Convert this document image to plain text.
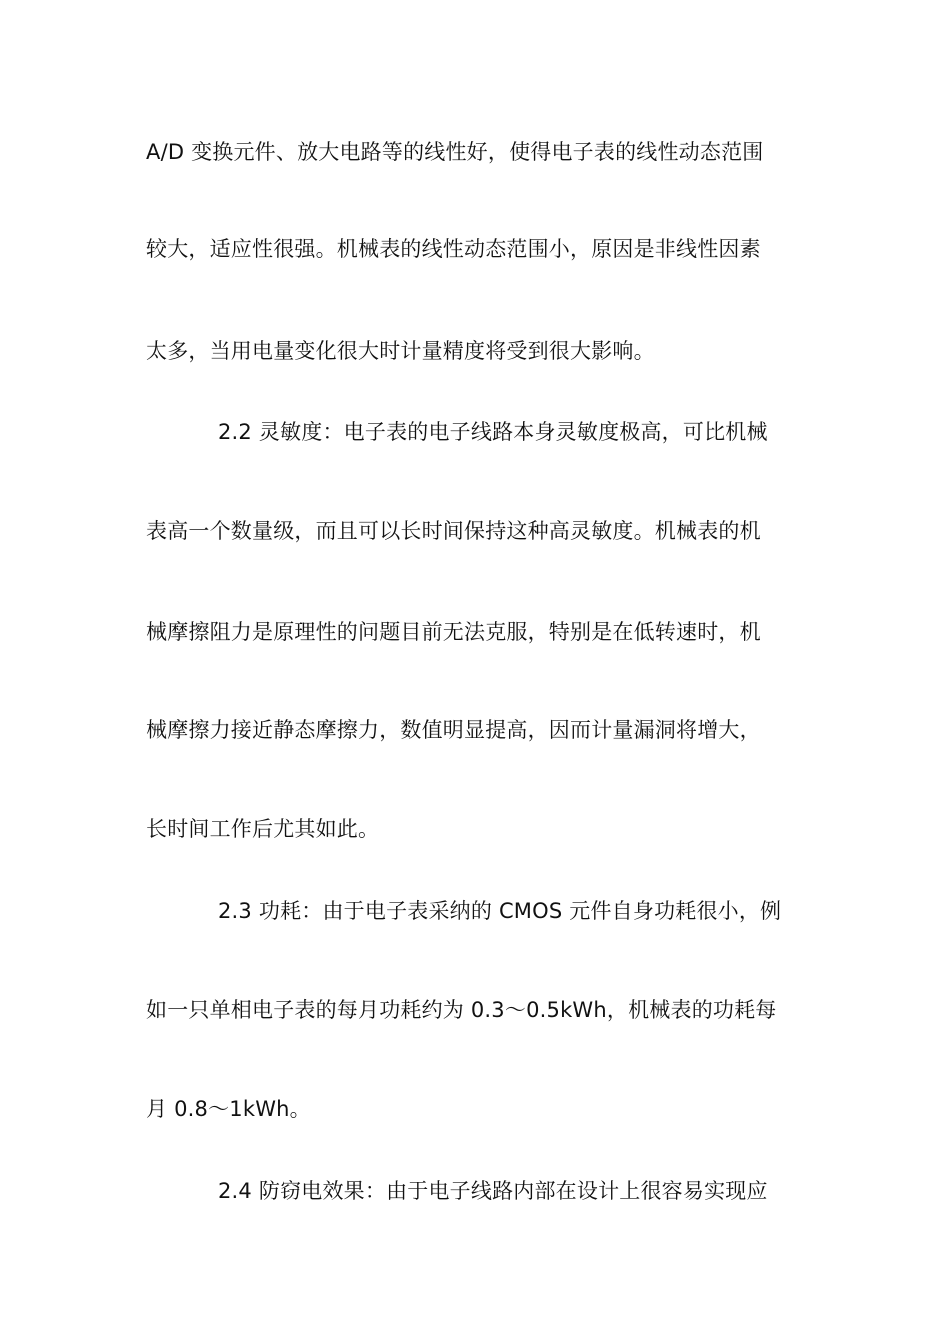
A/D 变换元件、放大电路等的线性好，使得电子表的线性动态范围
较大，适应性很强。机械表的线性动态范围小，原因是非线性因素
太多，当用电量变化很大时计量精度将受到很大影响。
2.2 灵敏度：电子表的电子线路本身灵敏度极高，可比机械
表高一个数量级，而且可以长时间保持这种高灵敏度。机械表的机
械摩擦阻力是原理性的问题目前无法克服，特别是在低转速时，机
械摩擦力接近静态摩擦力，数值明显提高，因而计量漏洞将增大，
长时间工作后尤其如此。
2.3 功耗：由于电子表采纳的 CMOS 元件自身功耗很小，例
如一只单相电子表的每月功耗约为 0.3～0.5kWh，机械表的功耗每
月 0.8～1kWh。
2.4 防窃电效果：由于电子线路内部在设计上很容易实现应
